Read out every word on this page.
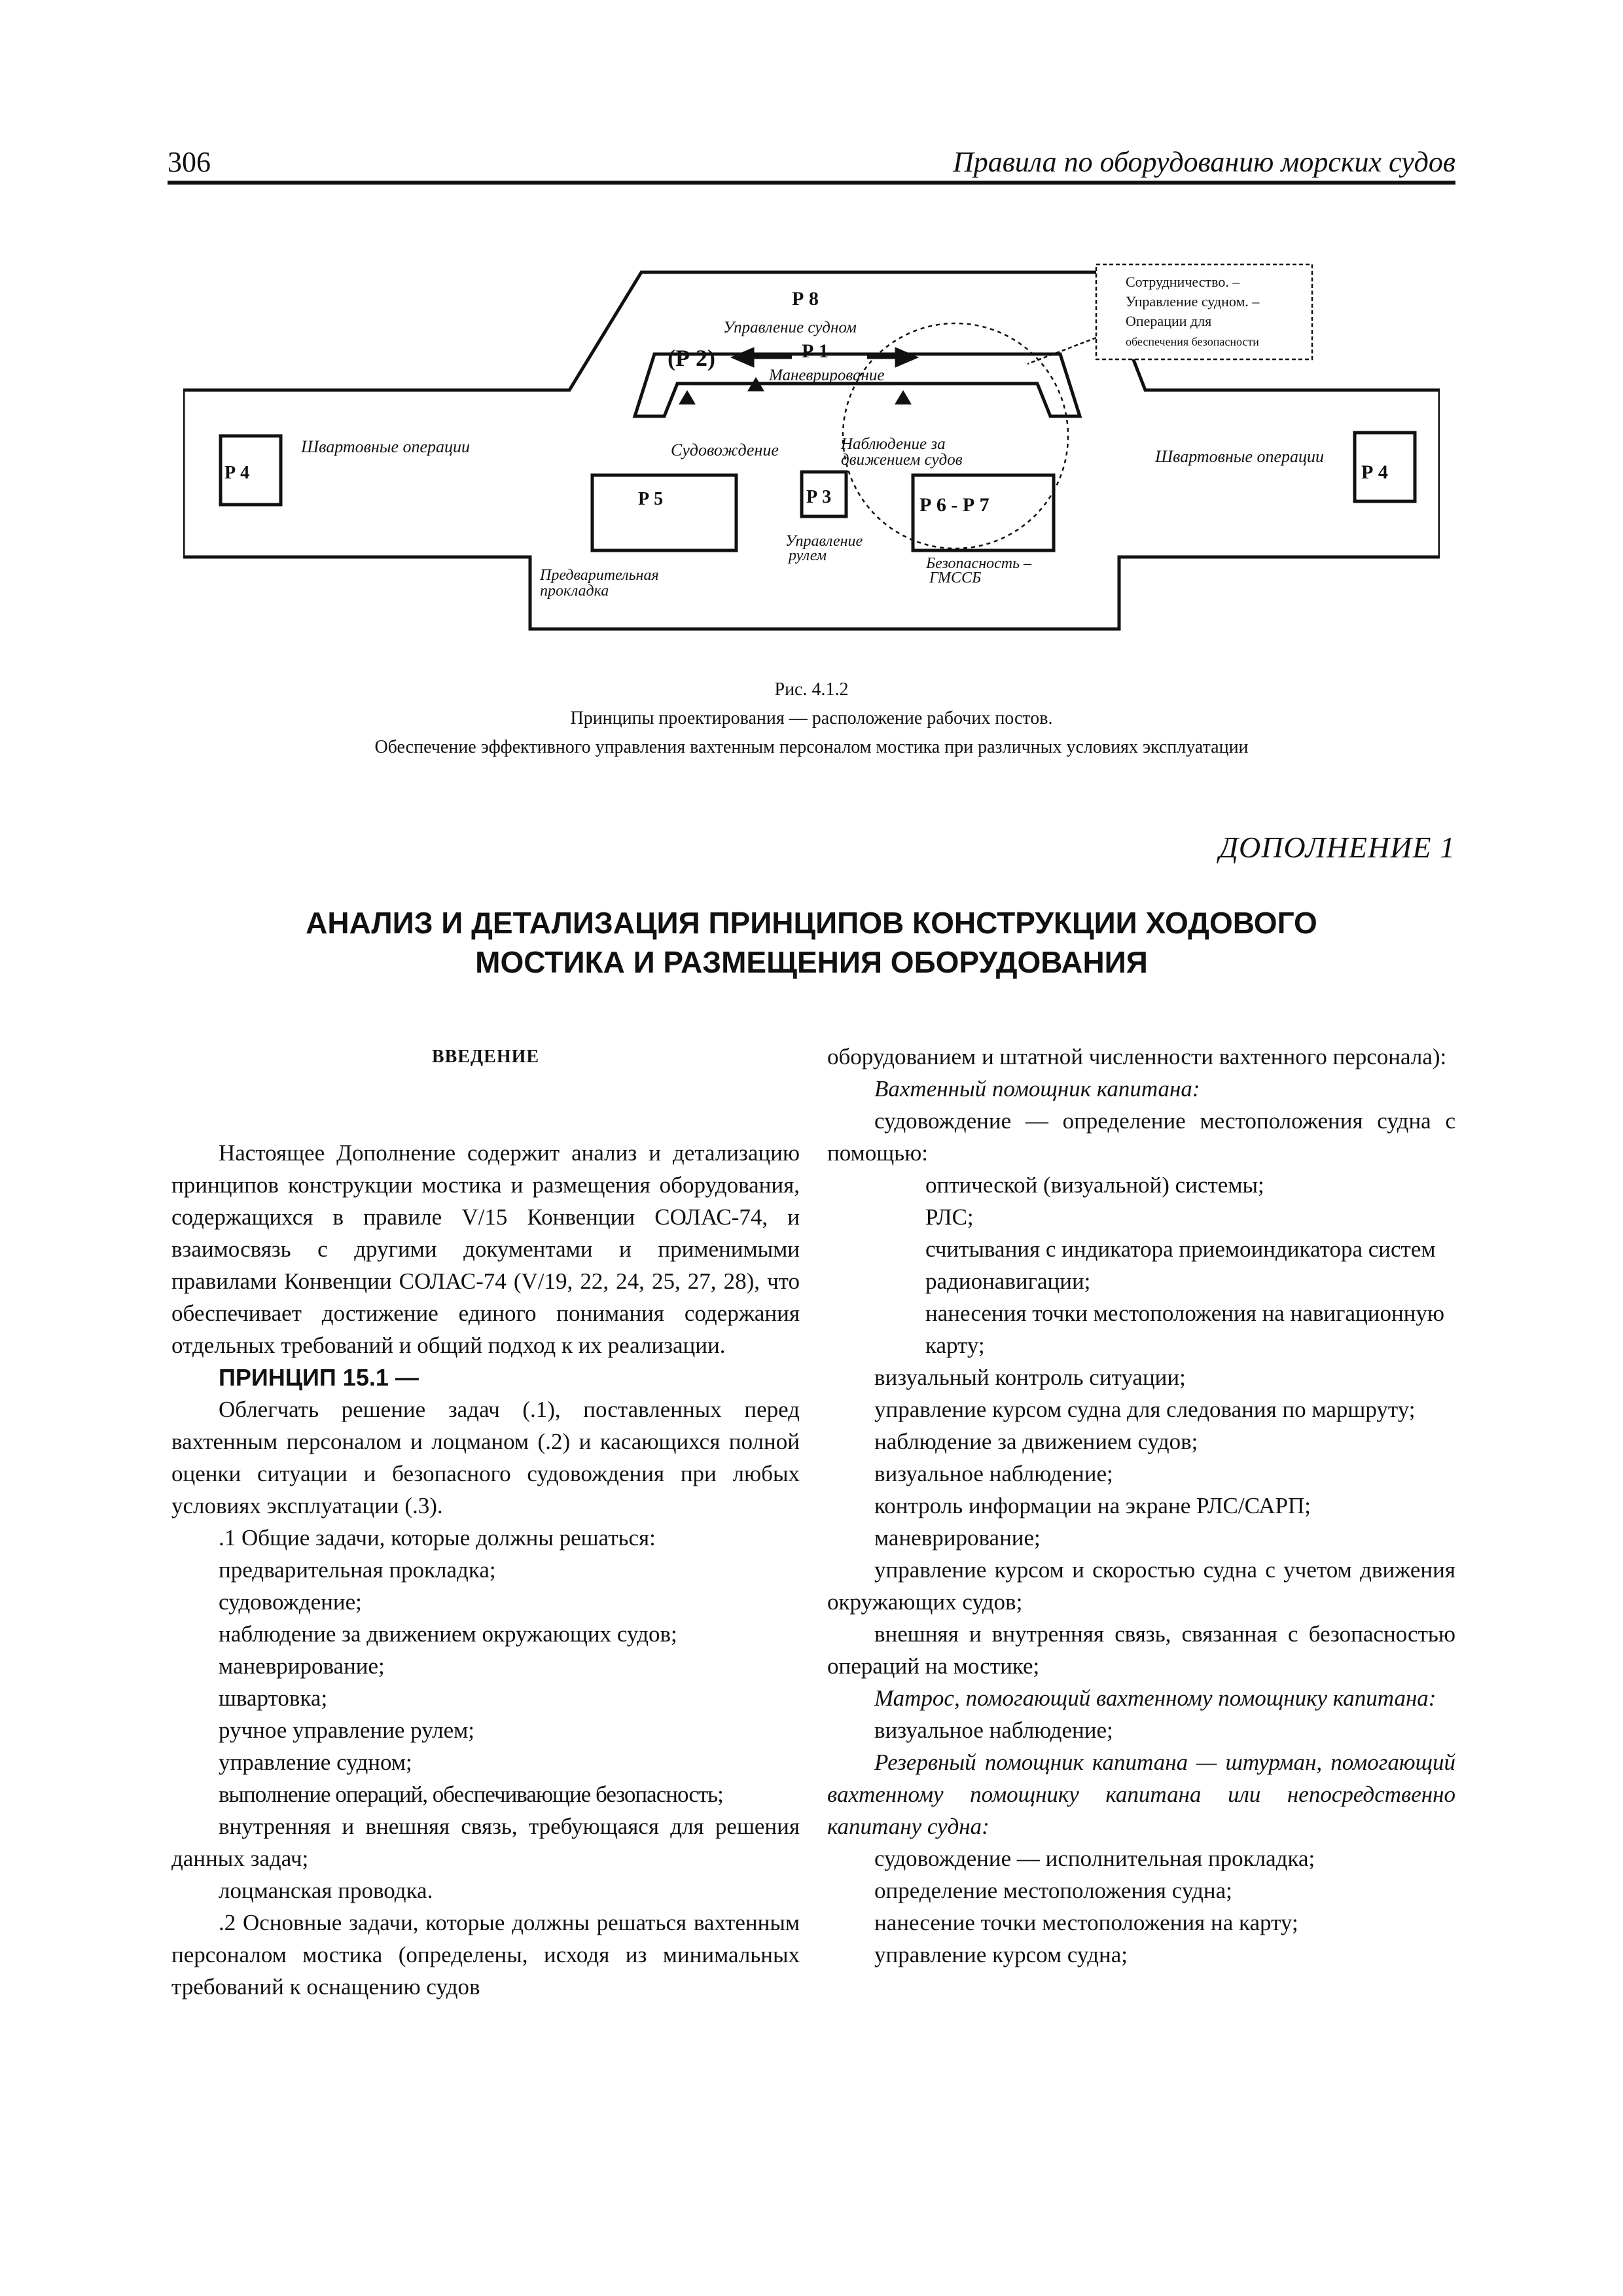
306	Правила по оборудованию морских судов
Р 8
Управление судном
(Р 2)	Р 1
Маневрирование
Швартовные операции
Швартовные операции
Р 4	Р 4
Судовождение	Наблюдение за
движением судов
Р 5	Р 3	Р 6 - Р 7
Управление
рулем	Безопасность –
ГМССБ
Предварительная
прокладка
Сотрудничество. –
Управление судном. –
Операции для
обеспечения безопасности
Рис. 4.1.2
Принципы проектирования — расположение рабочих постов.
Обеспечение эффективного управления вахтенным персоналом мостика при различных условиях эксплуатации
ДОПОЛНЕНИЕ 1
АНАЛИЗ И ДЕТАЛИЗАЦИЯ ПРИНЦИПОВ КОНСТРУКЦИИ ХОДОВОГО
МОСТИКА И РАЗМЕЩЕНИЯ ОБОРУДОВАНИЯ
ВВЕДЕНИЕ

Настоящее Дополнение содержит анализ и детализацию принципов конструкции мостика и размещения оборудования, содержащихся в правиле V/15 Конвенции СОЛАС-74, и взаимосвязь с другими документами и применимыми правилами Конвенции СОЛАС-74 (V/19, 22, 24, 25, 27, 28), что обеспечивает достижение единого понимания содержания отдельных требований и общий подход к их реализации.

ПРИНЦИП 15.1 —

Облегчать решение задач (.1), поставленных перед вахтенным персоналом и лоцманом (.2) и касающихся полной оценки ситуации и безопасного судовождения при любых условиях эксплуатации (.3).

.1 Общие задачи, которые должны решаться:
предварительная прокладка;
судовождение;
наблюдение за движением окружающих судов;
маневрирование;
швартовка;
ручное управление рулем;
управление судном;
выполнение операций, обеспечивающие безопасность;

внутренняя и внешняя связь, требующаяся для решения данных задач;

лоцманская проводка.

.2 Основные задачи, которые должны решаться вахтенным персоналом мостика (определены, исходя из минимальных требований к оснащению судов

оборудованием и штатной численности вахтенного персонала):

Вахтенный помощник капитана:

судовождение — определение местоположения судна с помощью:

оптической (визуальной) системы;
РЛС;
считывания с индикатора приемоиндикатора систем радионавигации;
нанесения точки местоположения на навигационную карту;
визуальный контроль ситуации;

управление курсом судна для следования по маршруту;

наблюдение за движением судов;
визуальное наблюдение;
контроль информации на экране РЛС/САРП;
маневрирование;

управление курсом и скоростью судна с учетом движения окружающих судов;

внешняя и внутренняя связь, связанная с безопасностью операций на мостике;

Матрос, помогающий вахтенному помощнику капитана:

визуальное наблюдение;

Резервный помощник капитана — штурман, помогающий вахтенному помощнику капитана или непосредственно капитану судна:

судовождение — исполнительная прокладка;
определение местоположения судна;
нанесение точки местоположения на карту;
управление курсом судна;
